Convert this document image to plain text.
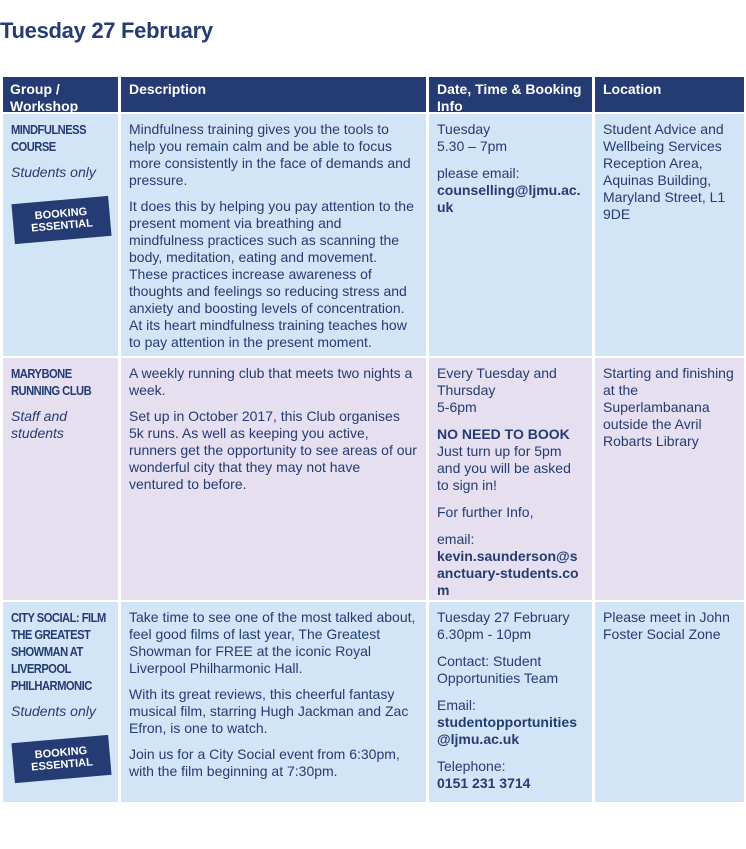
Tuesday 27 February
Group / Workshop
Description	Date, Time & Booking Info
Location
MINDFULNESS COURSE
Students only
BOOKING ESSENTIAL

Mindfulness training gives you the tools to help you remain calm and be able to focus more consistently in the face of demands and pressure.

It does this by helping you pay attention to the present moment via breathing and mindfulness practices such as scanning the body, meditation, eating and movement. These practices increase awareness of thoughts and feelings so reducing stress and anxiety and boosting levels of concentration.

At its heart mindfulness training teaches how to pay attention in the present moment.

Tuesday
5.30 – 7pm
please email:
counselling@ljmu.ac.uk
Student Advice and Wellbeing Services Reception Area, Aquinas Building, Maryland Street, L1 9DE
MARYBONE RUNNING CLUB
Staff and students

A weekly running club that meets two nights a week.

Set up in October 2017, this Club organises 5k runs. As well as keeping you active, runners get the opportunity to see areas of our wonderful city that they may not have ventured to before.

Every Tuesday and Thursday
5-6pm
NO NEED TO BOOK
Just turn up for 5pm and you will be asked to sign in!
For further Info,
email:
kevin.saunderson@sanctuary-students.com
Starting and finishing at the Superlambanana outside the Avril Robarts Library
CITY SOCIAL: FILM THE GREATEST SHOWMAN AT LIVERPOOL PHILHARMONIC
Students only
BOOKING ESSENTIAL

Take time to see one of the most talked about, feel good films of last year, The Greatest Showman for FREE at the iconic Royal Liverpool Philharmonic Hall.

With its great reviews, this cheerful fantasy musical film, starring Hugh Jackman and Zac Efron, is one to watch.

Join us for a City Social event from 6:30pm, with the film beginning at 7:30pm.

Tuesday 27 February
6.30pm - 10pm
Contact: Student Opportunities Team
Email:
studentopportunities@ljmu.ac.uk
Telephone:
0151 231 3714
Please meet in John Foster Social Zone
